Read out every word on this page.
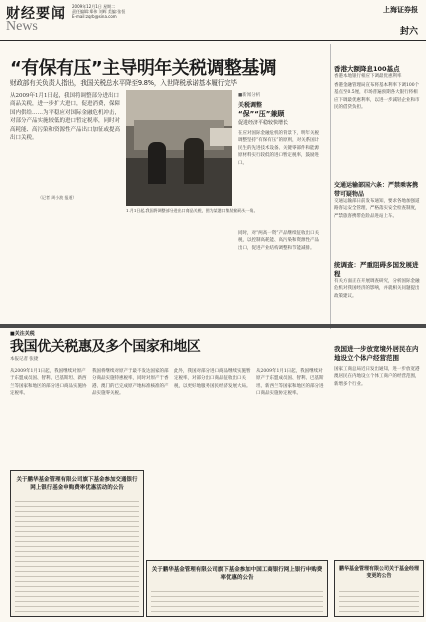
财经要闻 2009年12月1日 星期二
责任编辑:郑伟 刘辉 美编:张恒
E-mail:zqrb@sina.com
News
上海证券报
封六
“有保有压”主导明年关税调整基调
财政部有关负责人指出，我国关税总水平降至9.8%，入世降税承诺基本履行完毕
从2009年1月1日起，我国将调整部分进出口商品关税，进一步扩大进口，促进消费，保障国内供给……为平稳应对国际金融危机冲击，对部分产品实施较低的进口暂定税率，同时对高耗能、高污染和资源性产品出口加征或提高出口关税。
（记者 周小波 报道）
1.月1日起,我国将调整部分进出口商品关税，图为某港口集装箱码头一角。
■新闻分析
关税调整
“保”“压”兼顾
促进经济平稳较快增长
在应对国际金融危机的背景下，明年关税调整坚持“有保有压”的原则，对关系国计民生的先进技术设备、关键零部件和能源原材料实行较低的进口暂定税率，鼓励进口。
同时，对“两高一资”产品继续征收出口关税，以控制高耗能、高污染和资源性产品出口，促进产业结构调整和节能减排。
香港大额降息100基点
香港本地银行相应下调最优惠利率
香港金融管理局宣布将基本利率下调100个基点至0.5厘，市场普遍预期各大银行将相应下调最优惠利率，以进一步减轻企业和市民的借贷负担。
交通运输部国六条：严禁乘客携带可疑物品
交通运输部日前发布通知，要求各地加强道路客运安全管理，严格落实安全检查制度，严禁旅客携带危险品进站上车。
统调查：严重阻碍多国发展进程
有关方面正在开展调查研究，分析国际金融危机对我国经济的影响，并就相关问题提出政策建议。
■关注关税
我国优关税惠及多个国家和地区
本报记者 张捷
从2009年1月1日起，我国继续对原产于东盟成员国、智利、巴基斯坦、新西兰等国家和地区的部分进口商品实施协定税率。
我国将继续对原产于最不发达国家的部分商品实施特惠税率，同时对原产于香港、澳门的已完成原产地标准核准的产品实施零关税。
此外，我国对部分进口商品继续实施暂定税率，对部分出口商品征收出口关税，以更好地服务国民经济发展大局。
从2009年1月1日起，我国继续对原产于东盟成员国、智利、巴基斯坦、新西兰等国家和地区的部分进口商品实施协定税率。
我国进一步放宽境外居民在内地设立个体户经营范围
国家工商总局近日发出通知，进一步放宽港澳居民在内地设立个体工商户的经营范围，新增多个行业。
关于鹏华基金管理有限公司旗下基金参加交通银行网上银行基金申购费率优惠活动的公告
关于鹏华基金管理有限公司旗下基金参加中国工商银行网上银行申购费率优惠的公告
鹏华基金管理有限公司关于基金经理变更的公告
